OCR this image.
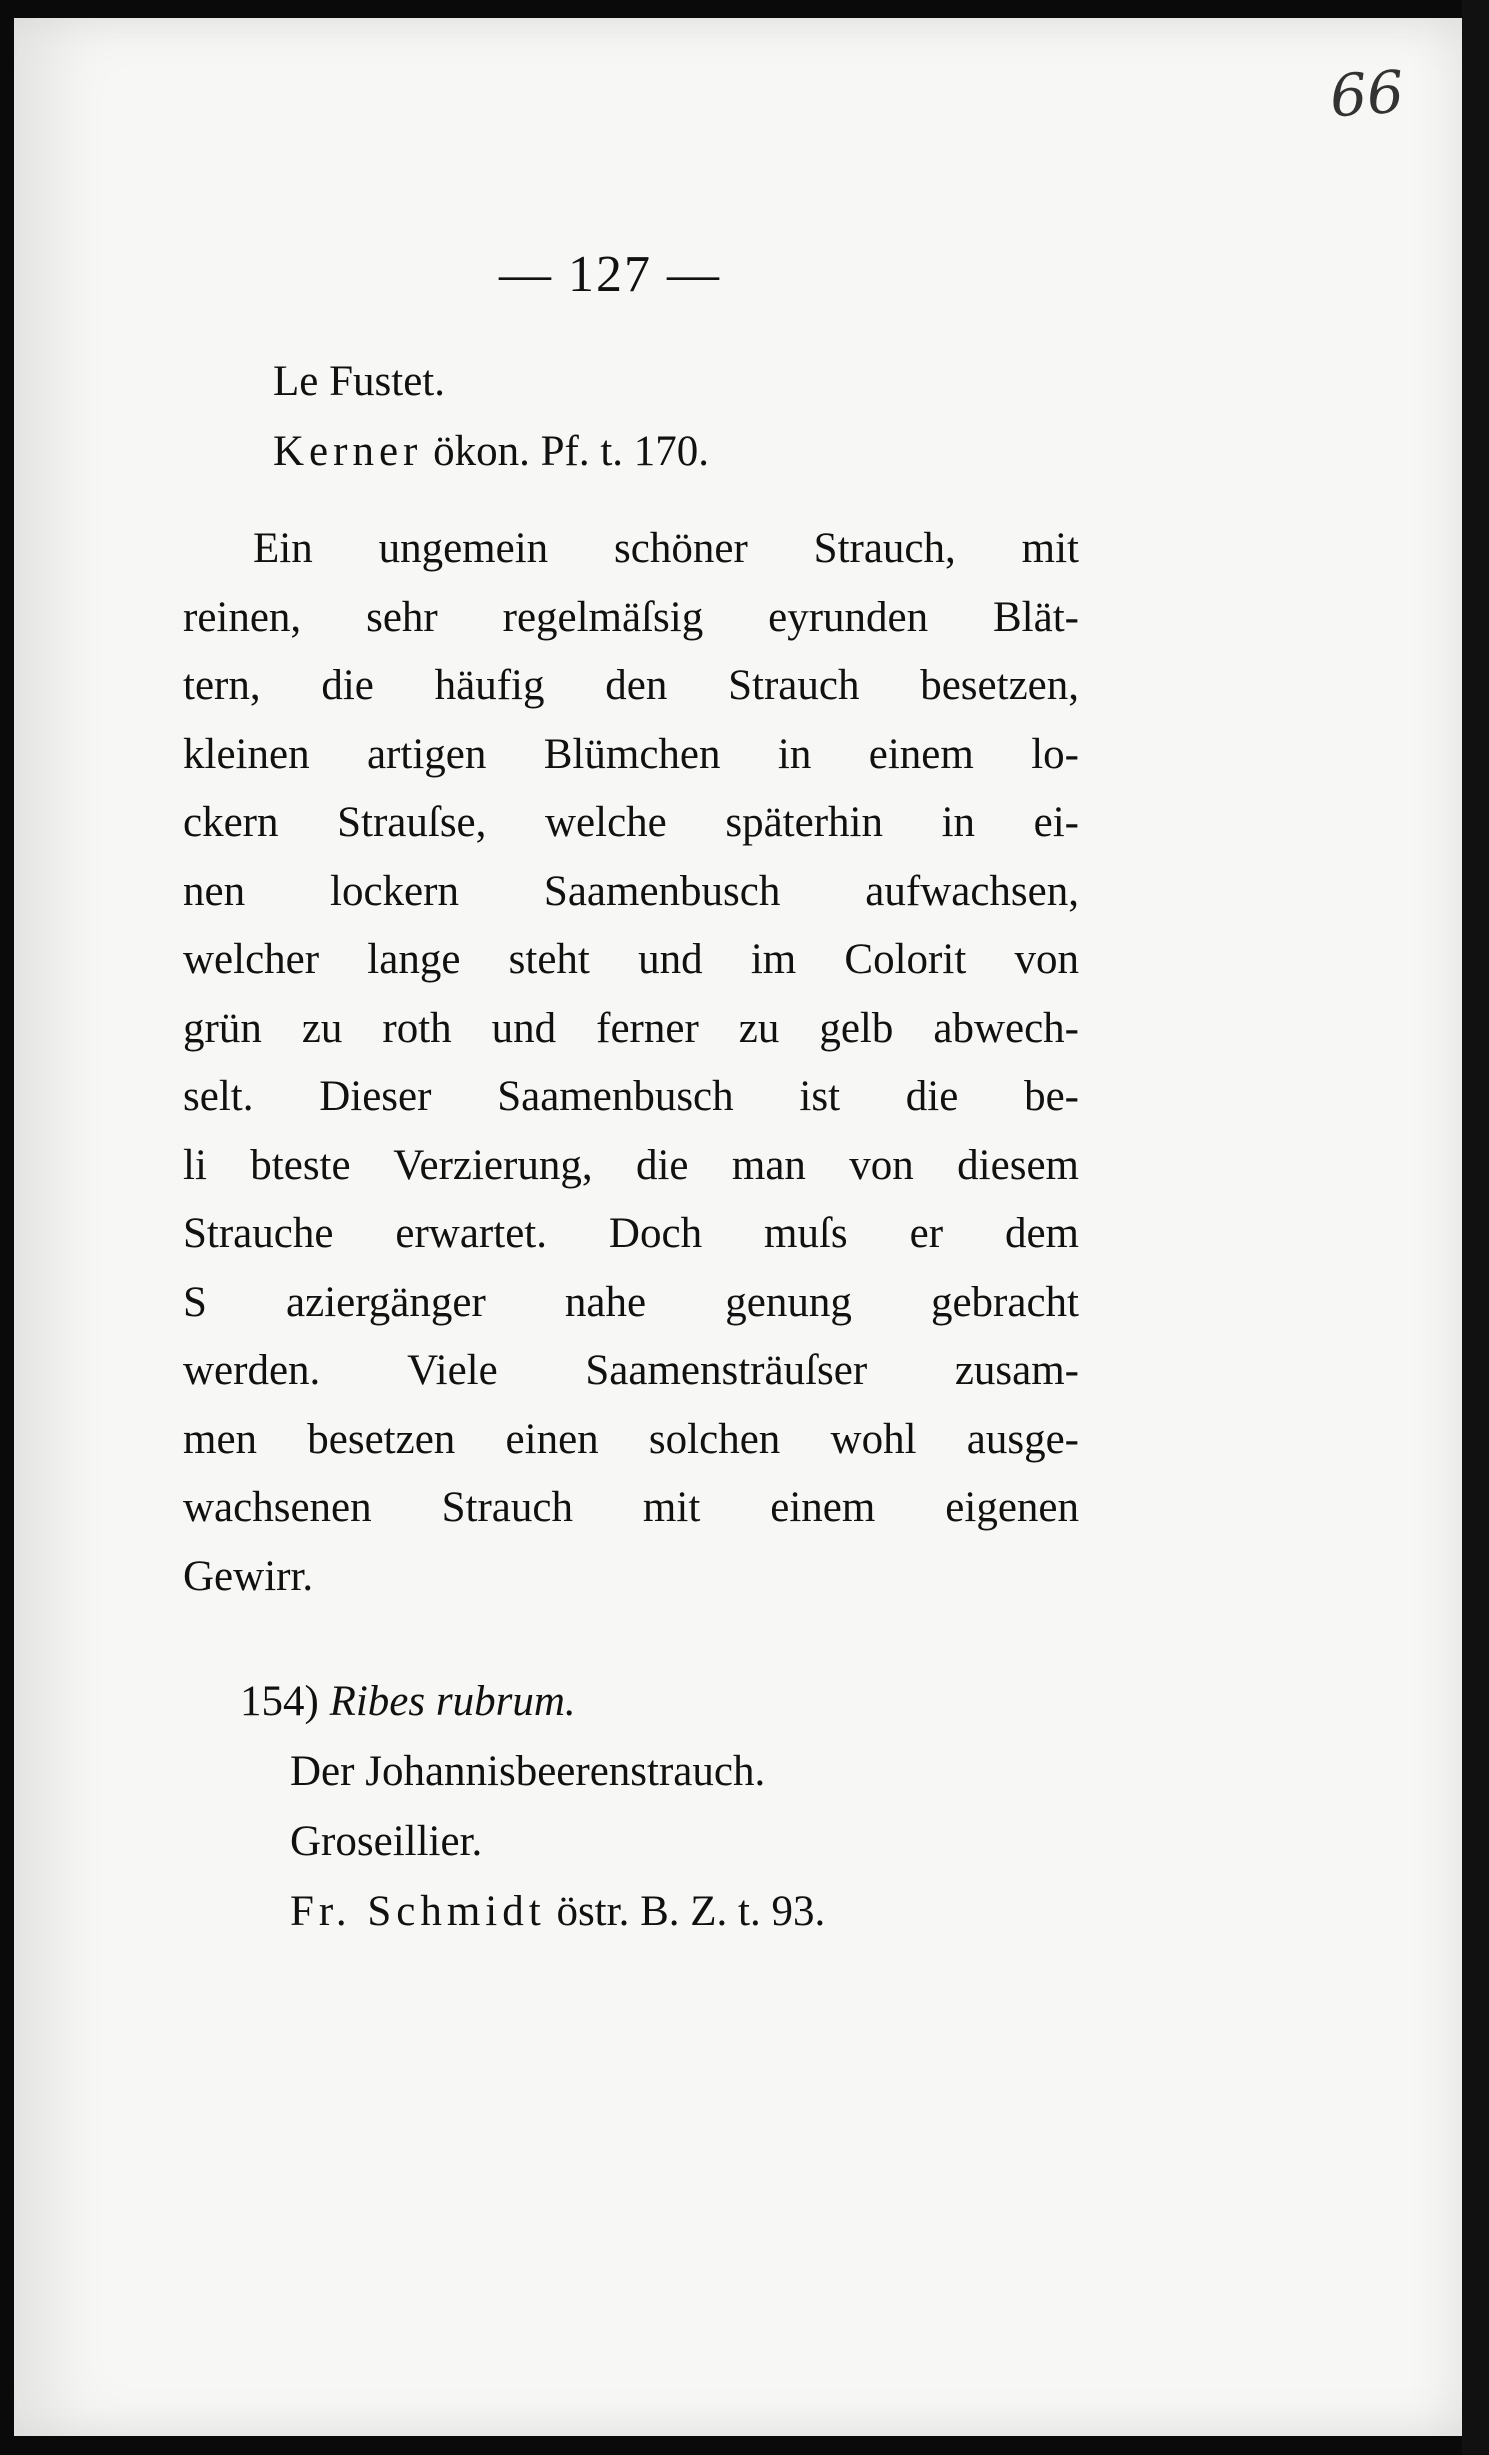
66
— 127 —
Le Fustet.
Kerner ökon. Pf. t. 170.
Ein ungemein schöner Strauch, mit
reinen, sehr regelmäſsig eyrunden Blät-
tern, die häufig den Strauch besetzen,
kleinen artigen Blümchen in einem lo-
ckern Strauſse, welche späterhin in ei-
nen lockern Saamenbusch aufwachsen,
welcher lange steht und im Colorit von
grün zu roth und ferner zu gelb abwech-
selt. Dieser Saamenbusch ist die be-
li btеste Verzierung, die man von diesem
Strauche erwartet. Doch muſs er dem
S aziergänger nahe genung gebracht
werden. Viele Saamensträuſser zusam-
men besetzen einen solchen wohl ausge-
wachsenen Strauch mit einem eigenen
Gewirr.
154) Ribes rubrum.
Der Johannisbeerenstrauch.
Groseillier.
Fr. Schmidt östr. B. Z. t. 93.
